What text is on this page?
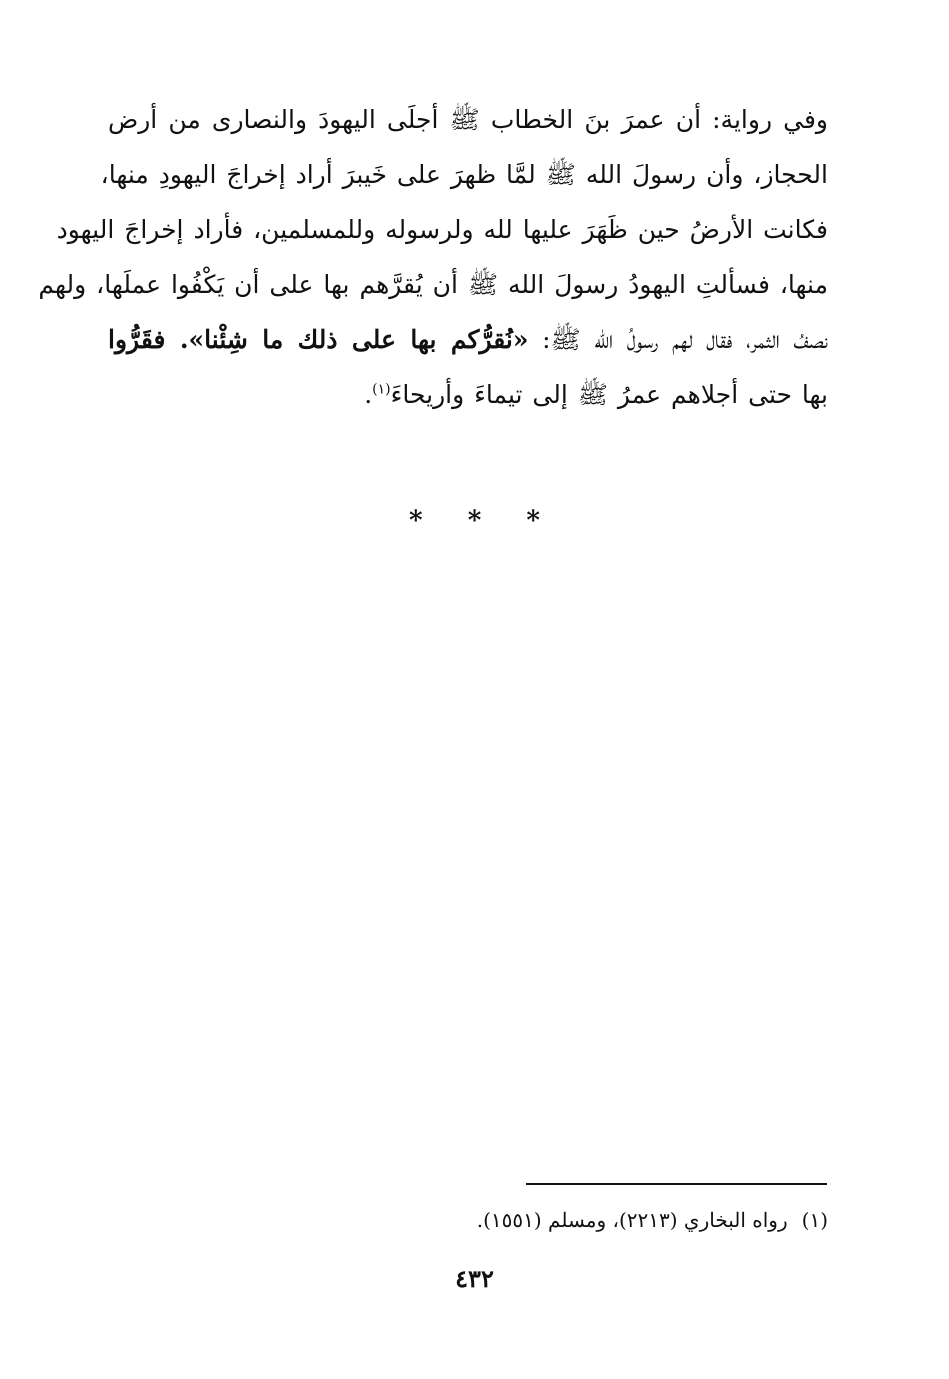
وفي رواية: أن عمرَ بنَ الخطاب ﷺ أجلَى اليهودَ والنصارى من أرض
الحجاز، وأن رسولَ الله ﷺ لمَّا ظهرَ على خَيبرَ أراد إخراجَ اليهودِ منها،
فكانت الأرضُ حين ظَهَرَ عليها لله ولرسوله وللمسلمين، فأراد إخراجَ اليهود
منها، فسألتِ اليهودُ رسولَ الله ﷺ أن يُقرَّهم بها على أن يَكْفُوا عملَها، ولهم
نصفُ الثمر، فقال لهم رسولُ الله ﷺ: «نُقرُّكم بها على ذلك ما شِئْنا». فقَرُّوا
بها حتى أجلاهم عمرُ ﷺ إلى تيماءَ وأريحاءَ$^{(١)}$.
* * *
(١)رواه البخاري (٢٢١٣)، ومسلم (١٥٥١).
٤٣٢
